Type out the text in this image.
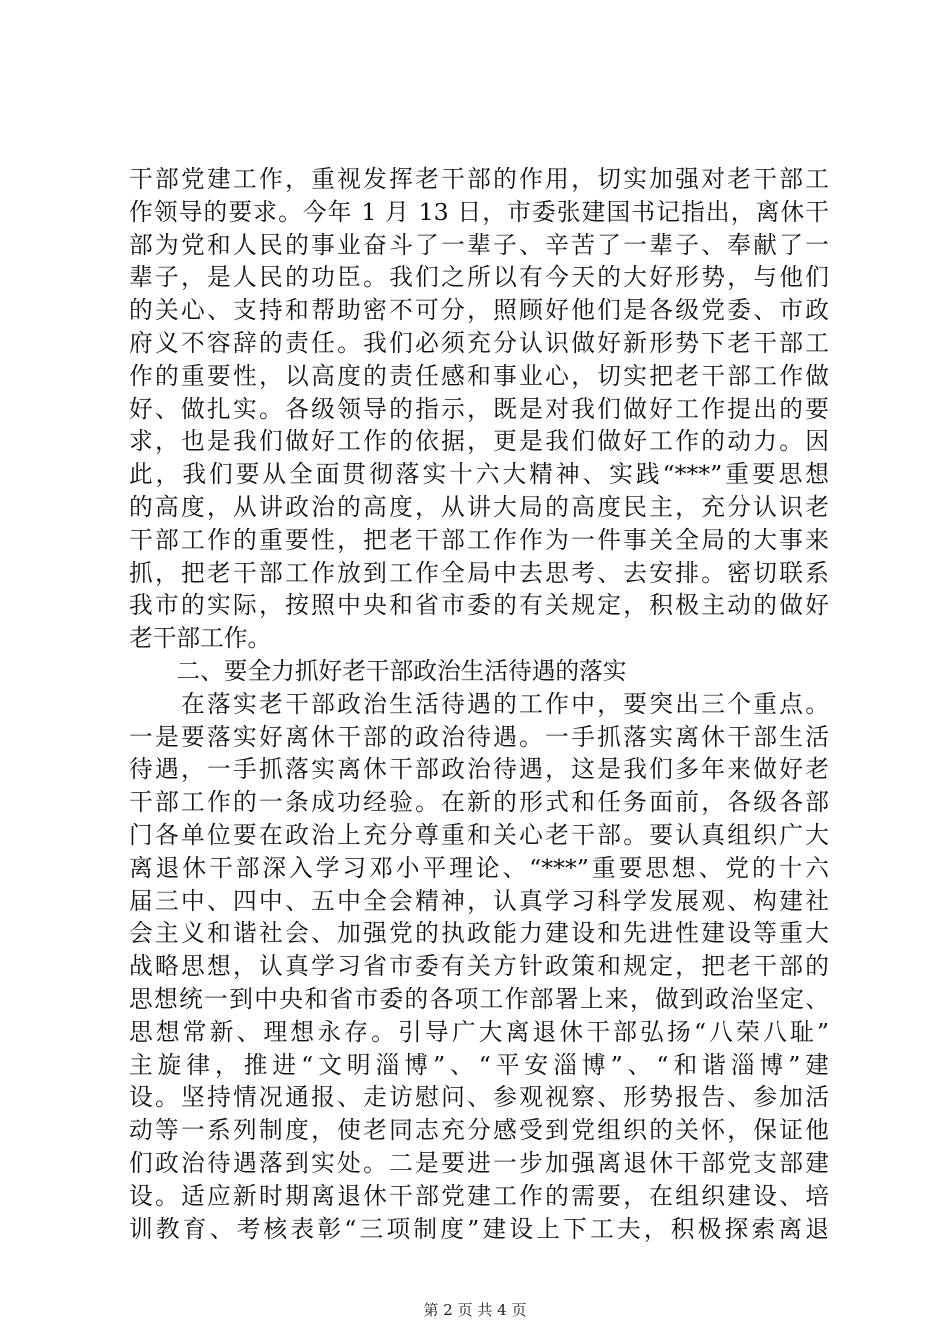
干部党建工作，重视发挥老干部的作用，切实加强对老干部工
作领导的要求。今年 1 月 13 日，市委张建国书记指出，离休干
部为党和人民的事业奋斗了一辈子、辛苦了一辈子、奉献了一
辈子，是人民的功臣。我们之所以有今天的大好形势，与他们
的关心、支持和帮助密不可分，照顾好他们是各级党委、市政
府义不容辞的责任。我们必须充分认识做好新形势下老干部工
作的重要性，以高度的责任感和事业心，切实把老干部工作做
好、做扎实。各级领导的指示，既是对我们做好工作提出的要
求，也是我们做好工作的依据，更是我们做好工作的动力。因
此，我们要从全面贯彻落实十六大精神、实践“***”重要思想
的高度，从讲政治的高度，从讲大局的高度民主，充分认识老
干部工作的重要性，把老干部工作作为一件事关全局的大事来
抓，把老干部工作放到工作全局中去思考、去安排。密切联系
我市的实际，按照中央和省市委的有关规定，积极主动的做好
老干部工作。
　　二、要全力抓好老干部政治生活待遇的落实
　　在落实老干部政治生活待遇的工作中，要突出三个重点。
一是要落实好离休干部的政治待遇。一手抓落实离休干部生活
待遇，一手抓落实离休干部政治待遇，这是我们多年来做好老
干部工作的一条成功经验。在新的形式和任务面前，各级各部
门各单位要在政治上充分尊重和关心老干部。要认真组织广大
离退休干部深入学习邓小平理论、“***”重要思想、党的十六
届三中、四中、五中全会精神，认真学习科学发展观、构建社
会主义和谐社会、加强党的执政能力建设和先进性建设等重大
战略思想，认真学习省市委有关方针政策和规定，把老干部的
思想统一到中央和省市委的各项工作部署上来，做到政治坚定、
思想常新、理想永存。引导广大离退休干部弘扬“八荣八耻”
主旋律，推进“文明淄博”、“平安淄博”、“和谐淄博”建
设。坚持情况通报、走访慰问、参观视察、形势报告、参加活
动等一系列制度，使老同志充分感受到党组织的关怀，保证他
们政治待遇落到实处。二是要进一步加强离退休干部党支部建
设。适应新时期离退休干部党建工作的需要，在组织建设、培
训教育、考核表彰“三项制度”建设上下工夫，积极探索离退
第 2 页 共 4 页
